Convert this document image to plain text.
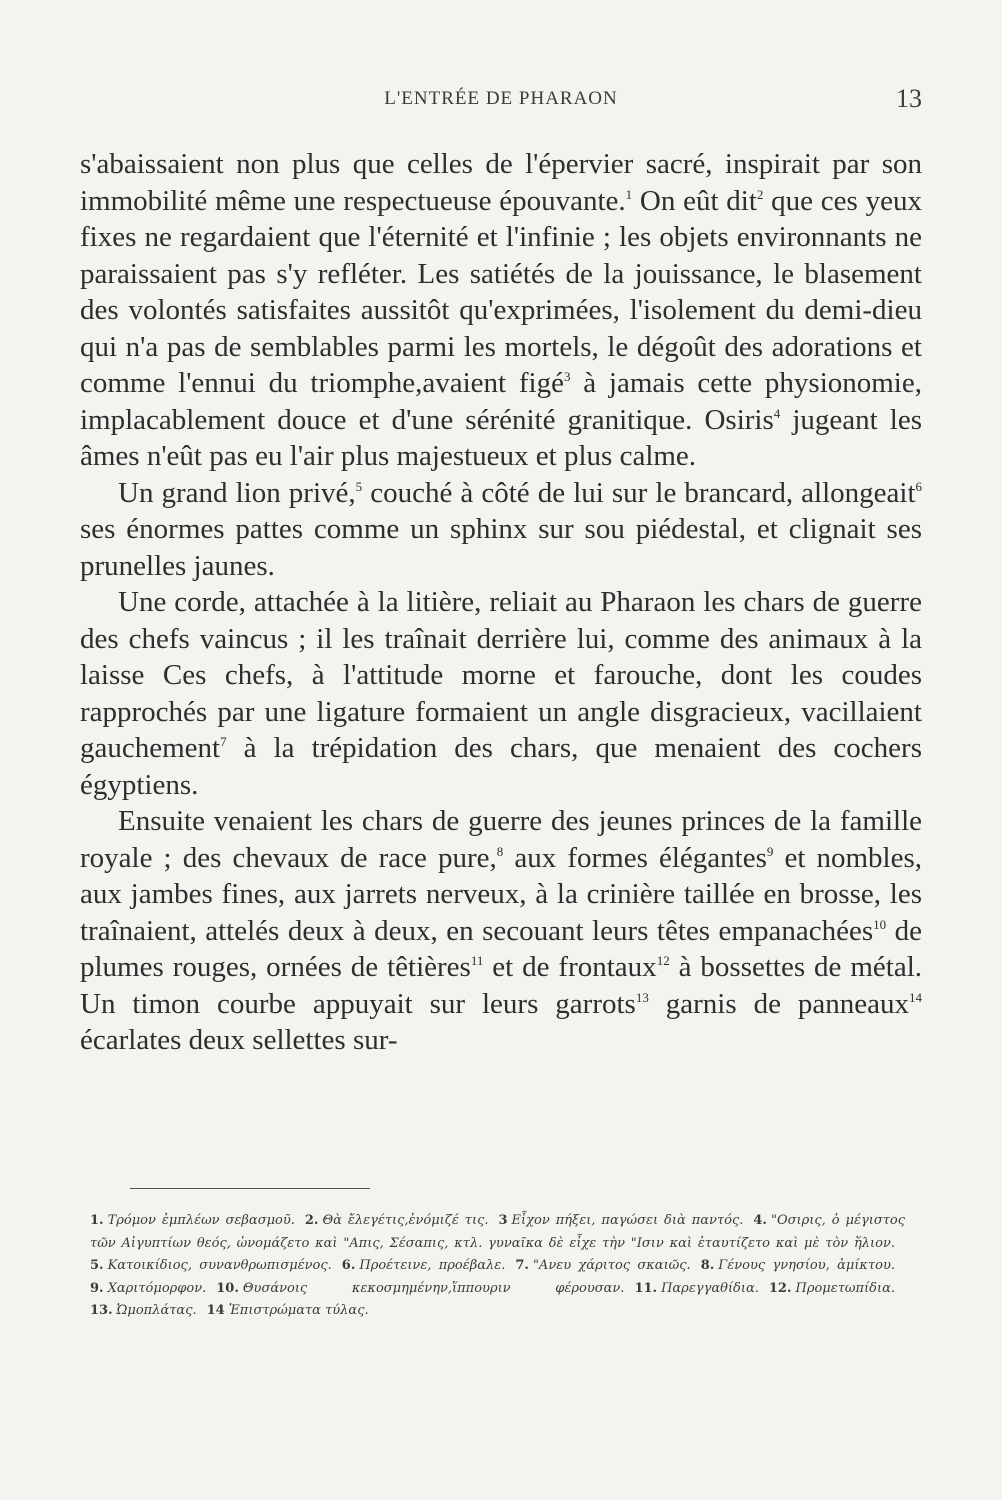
L'ENTRÉE DE PHARAON	13

s'abaissaient non plus que celles de l'épervier sacré, inspirait par son immobilité même une respectueuse épouvante.$^1$ On eût dit$^2$ que ces yeux fixes ne regardaient que l'éternité et l'infinie ; les objets environnants ne paraissaient pas s'y refléter. Les satiétés de la jouissance, le blasement des volontés satisfaites aussitôt qu'exprimées, l'isolement du demi-dieu qui n'a pas de semblables parmi les mortels, le dégoût des adorations et comme l'ennui du triomphe,avaient figé$^3$ à jamais cette physionomie, implacablement douce et d'une sérénité granitique. Osiris$^4$ jugeant les âmes n'eût pas eu l'air plus majestueux et plus calme.

Un grand lion privé,$^5$ couché à côté de lui sur le brancard, allongeait$^6$ ses énormes pattes comme un sphinx sur sou piédestal, et clignait ses prunelles jaunes.

Une corde, attachée à la litière, reliait au Pharaon les chars de guerre des chefs vaincus ; il les traînait derrière lui, comme des animaux à la laisse Ces chefs, à l'attitude morne et farouche, dont les coudes rapprochés par une ligature formaient un angle disgracieux, vacillaient gauchement$^7$ à la trépidation des chars, que menaient des cochers égyptiens.

Ensuite venaient les chars de guerre des jeunes princes de la famille royale ; des chevaux de race pure,$^8$ aux formes élégantes$^9$ et nombles, aux jambes fines, aux jarrets nerveux, à la crinière taillée en brosse, les traînaient, attelés deux à deux, en secouant leurs têtes empanachées$^{10}$ de plumes rouges, ornées de têtières$^{11}$ et de frontaux$^{12}$ à bossettes de métal. Un timon courbe appuyait sur leurs garrots$^{13}$ garnis de panneaux$^{14}$ écarlates deux sellettes sur-

1. Τρόμον ἐμπλέων σεβασμοῦ. 2. Θὰ ἔλεγέτις,ἐνόμιζέ τις. 3 Εἶχον πήξει, παγώσει διὰ παντός. 4. "Οσιρις, ὁ μέγιστος τῶν Αἰγυπτίων θεός, ὠνομάζετο καὶ "Απις, Σέσαπις, κτλ. γυναῖκα δὲ εἶχε τὴν "Ισιν καὶ ἐταυτίζετο καὶ μὲ τὸν ἥλιον.5. Κατοικίδιος, συνανθρωπισμένος. 6. Προέτεινε, προέβαλε. 7. "Ανευ χάριτος σκαιῶς. 8. Γένους γνησίου, ἀμίκτου.9. Χαριτόμορφον. 10. Θυσάνοις κεκοσμημένην,ἵππουριν φέρουσαν. 11. Παρεγγαθίδια. 12. Προμετωπίδια.13. Ὠμοπλάτας. 14 Ἐπιστρώματα τύλας.
